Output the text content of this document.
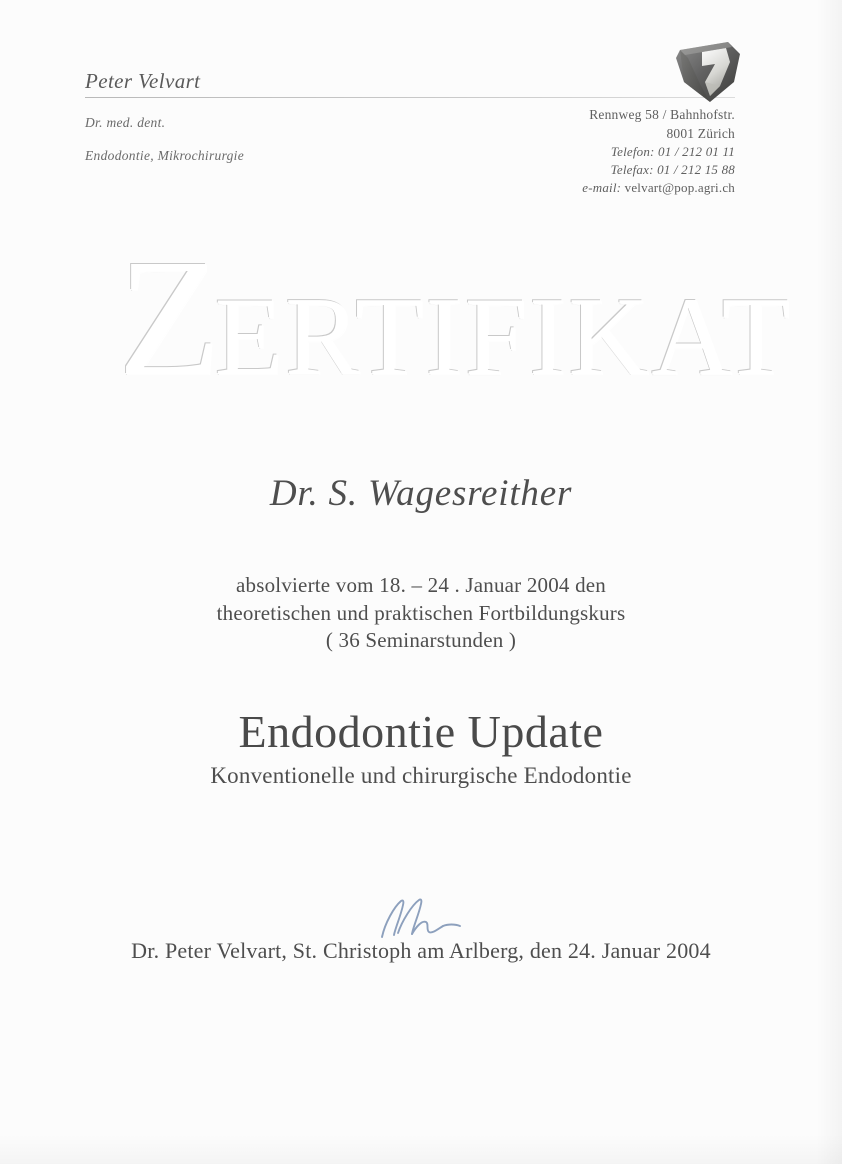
Peter Velvart
Dr. med. dent.
Endodontie, Mikrochirurgie
Rennweg 58 / Bahnhofstr.
8001 Zürich
Telefon: 01 / 212 01 11
Telefax: 01 / 212 15 88
e-mail: velvart@pop.agri.ch
Z
ERTIFIKAT
Dr. S. Wagesreither
absolvierte vom 18. – 24 . Januar 2004 den
theoretischen und praktischen Fortbildungskurs
( 36 Seminarstunden )
Endodontie Update
Konventionelle und chirurgische Endodontie
Dr. Peter Velvart, St. Christoph am Arlberg, den 24. Januar 2004
